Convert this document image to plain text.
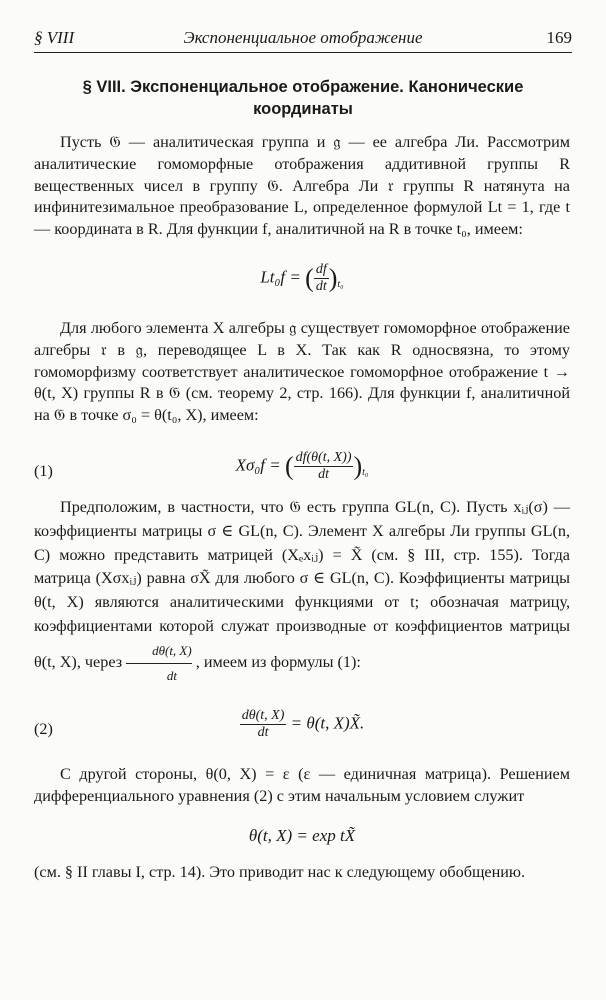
§ VIII	Экспоненциальное отображение	169
§ VIII. Экспоненциальное отображение. Канонические координаты

Пусть 𝔊 — аналитическая группа и 𝔤 — ее алгебра Ли. Рассмотрим аналитические гомоморфные отображения аддитивной группы R вещественных чисел в группу 𝔊. Алгебра Ли 𝔯 группы R натянута на инфинитезимальное преобразование L, определенное формулой Lt = 1, где t — координата в R. Для функции f, аналитичной на R в точке t₀, имеем:

Lt₀f = ( $\frac{df}{dt} )_{t_0}$

Для любого элемента X алгебры 𝔤 существует гомоморфное отображение алгебры 𝔯 в 𝔤, переводящее L в X. Так как R односвязна, то этому гомоморфизму соответствует аналитическое гомоморфное отображение t → θ(t, X) группы R в 𝔊 (см. теорему 2, стр. 166). Для функции f, аналитичной на 𝔊 в точке σ₀ = θ(t₀, X), имеем:

(1)	Xσ₀f = ( $\frac{df(\theta(t, X))}{dt} )_{t_0}$

Предположим, в частности, что 𝔊 есть группа GL(n, C). Пусть xᵢⱼ(σ) — коэффициенты матрицы σ ∈ GL(n, C). Элемент X алгебры Ли группы GL(n, C) можно представить матрицей (Xₑxᵢⱼ) = X̃ (см. § III, стр. 155). Тогда матрица (Xσxᵢⱼ) равна σX̃ для любого σ ∈ GL(n, C). Коэффициенты матрицы θ(t, X) являются аналитическими функциями от t; обозначая матрицу, коэффициентами которой служат производные от коэффициентов матрицы θ(t, X), через $\frac{d\theta(t, X)}{dt}$ , имеем из формулы (1):

(2)	$\frac{d\theta(t, X)}{dt} = \theta(t$, X)X̃.

С другой стороны, θ(0, X) = ε (ε — единичная матрица). Решением дифференциального уравнения (2) с этим начальным условием служит

θ(t, X) = exp tX̃

(см. § II главы I, стр. 14). Это приводит нас к следующему обобщению.
